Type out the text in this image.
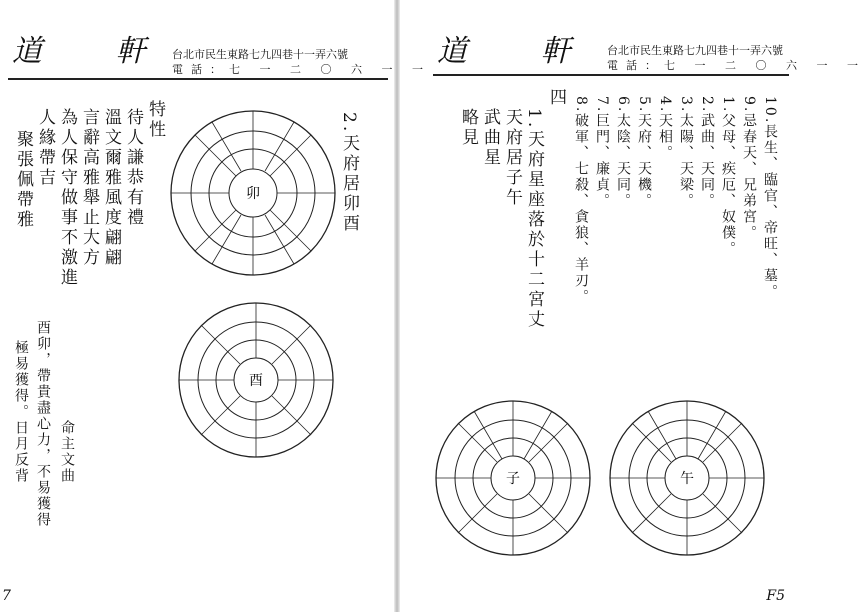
道 軒
台北市民生東路七九四巷十一弄六號
電話：七 一 二 〇 六 一 一
2.天府居卯酉
特性
待人謙恭有禮
溫文爾雅風度翩翩
言辭高雅舉止大方
為人保守做事不激進
人緣帶吉
聚張佩帶雅
命主文曲
酉卯，帶貴盡心力，不易獲得
極易獲得。日月反背
卯
酉
7
道 軒 台北市民生東路七九四巷十一弄六號
電話：七 一 二 〇 六 一 一
10.長生、臨官、帝旺、墓。
9.忌春天、兄弟宮。
1.父母、疾厄、奴僕。
2.武曲、天同。
3.太陽、天梁。
4.天相。
5.天府、天機。
6.太陰、天同。
7.巨門、廉貞。
8.破軍、七殺、貪狼、羊刃。
四
1.天府星座落於十二宮丈
天府居子午
武曲星
略見
子	午
F5
